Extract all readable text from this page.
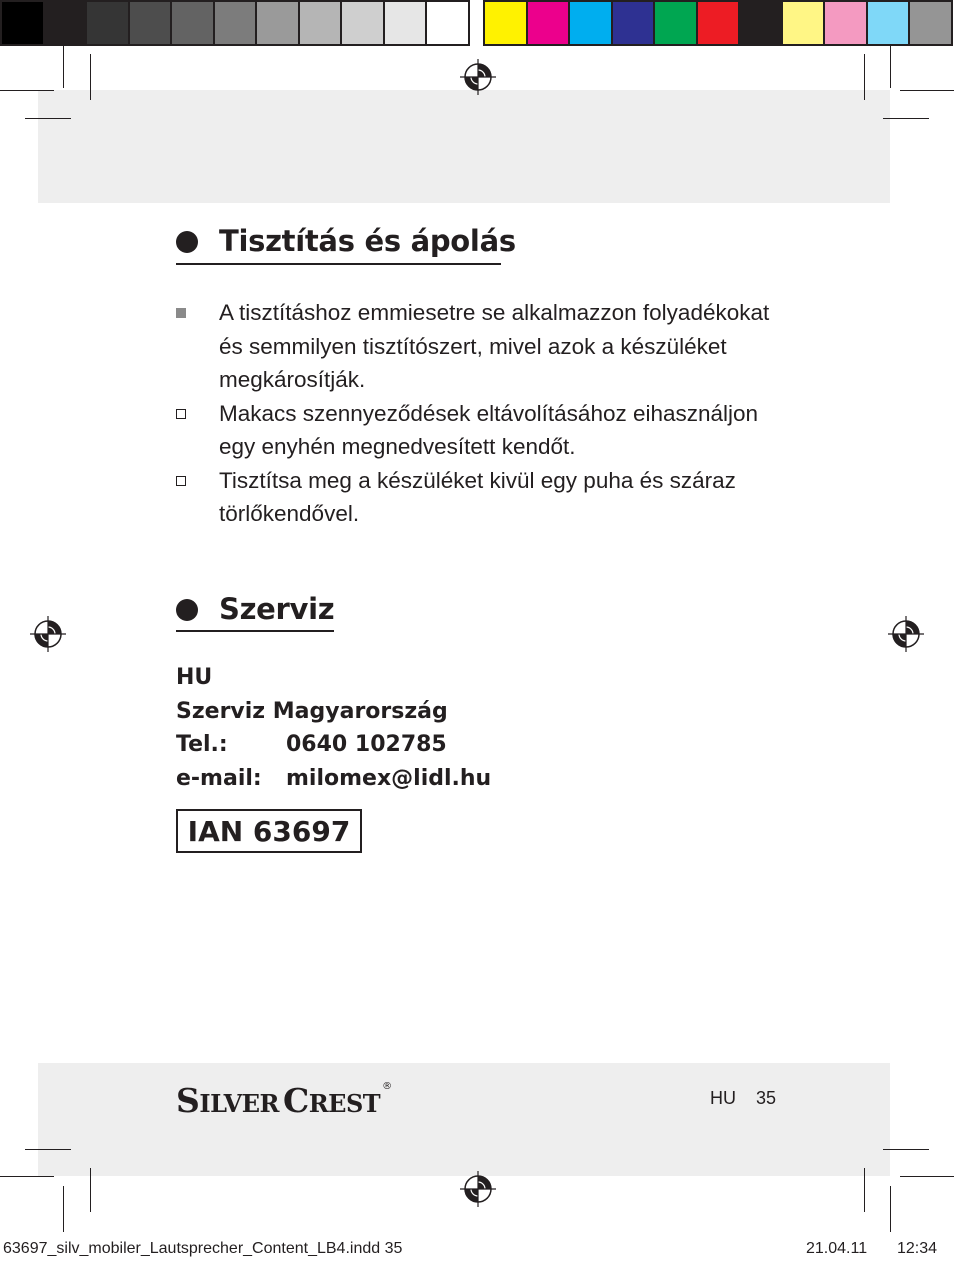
Tisztítás és ápolás
A tisztításhoz emmiesetre se alkalmazzon folyadékokat
és semmilyen tisztítószert, mivel azok a készüléket
megkárosítják.
Makacs szennyeződések eltávolításához eihasználjon
egy enyhén megnedvesített kendőt.
Tisztítsa meg a készüléket kivül egy puha és száraz
törlőkendővel.
Szerviz
HU
Szerviz Magyarország
Tel.:	0640 102785
e-mail: milomex@lidl.hu
IAN 63697
SILVER CREST®
HU 35
63697_silv_mobiler_Lautsprecher_Content_LB4.indd 35	21.04.11 12:34
